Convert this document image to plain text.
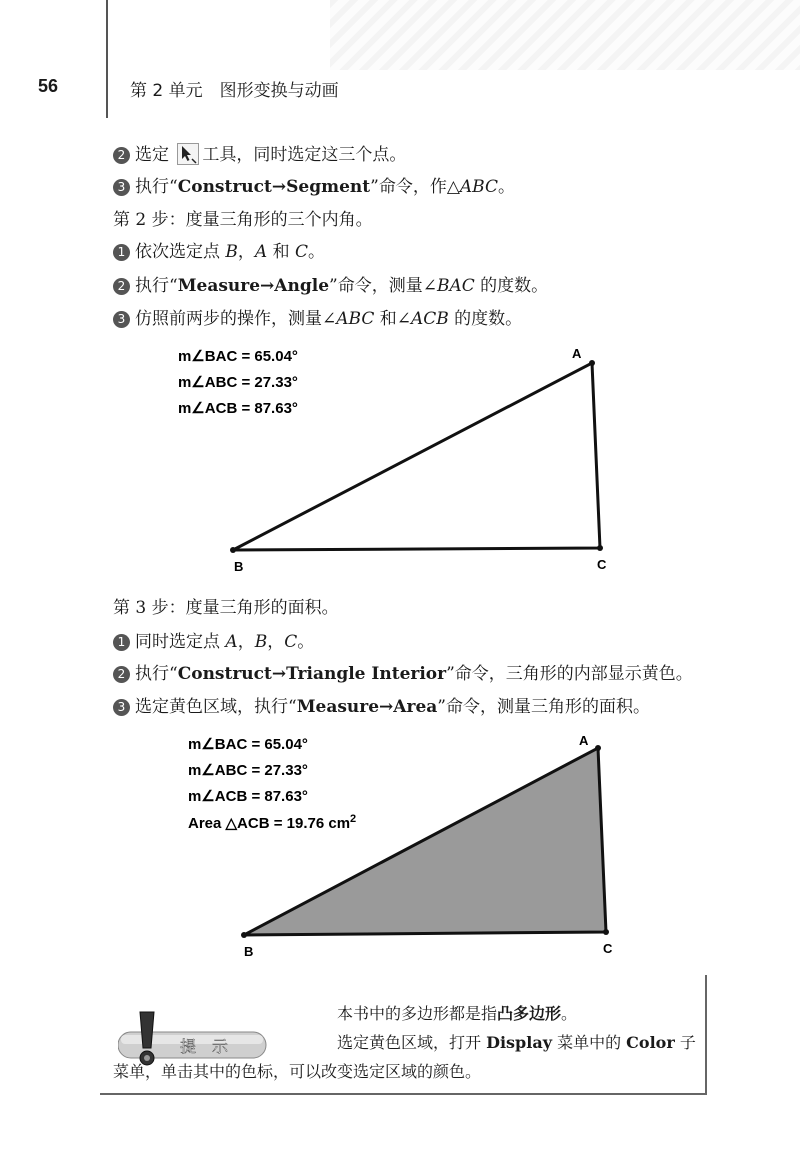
56	第 2 单元　图形变换与动画
2 选定 工具，同时选定这三个点。
3 执行“Construct→Segment”命令，作△ABC。
第 2 步：度量三角形的三个内角。
1 依次选定点 B，A 和 C。
2 执行“Measure→Angle”命令，测量∠BAC 的度数。
3 仿照前两步的操作，测量∠ABC 和∠ACB 的度数。
A
B	C
m∠BAC = 65.04°
m∠ABC = 27.33°
m∠ACB = 87.63°
第 3 步：度量三角形的面积。
1 同时选定点 A，B，C。
2 执行“Construct→Triangle Interior”命令，三角形的内部显示黄色。
3 选定黄色区域，执行“Measure→Area”命令，测量三角形的面积。
A
B	C
m∠BAC = 65.04°
m∠ABC = 27.33°
m∠ACB = 87.63°
Area △ACB = 19.76 $cm^2$
提　示
本书中的多边形都是指凸多边形。
选定黄色区域，打开 Display 菜单中的 Color 子
菜单，单击其中的色标，可以改变选定区域的颜色。
